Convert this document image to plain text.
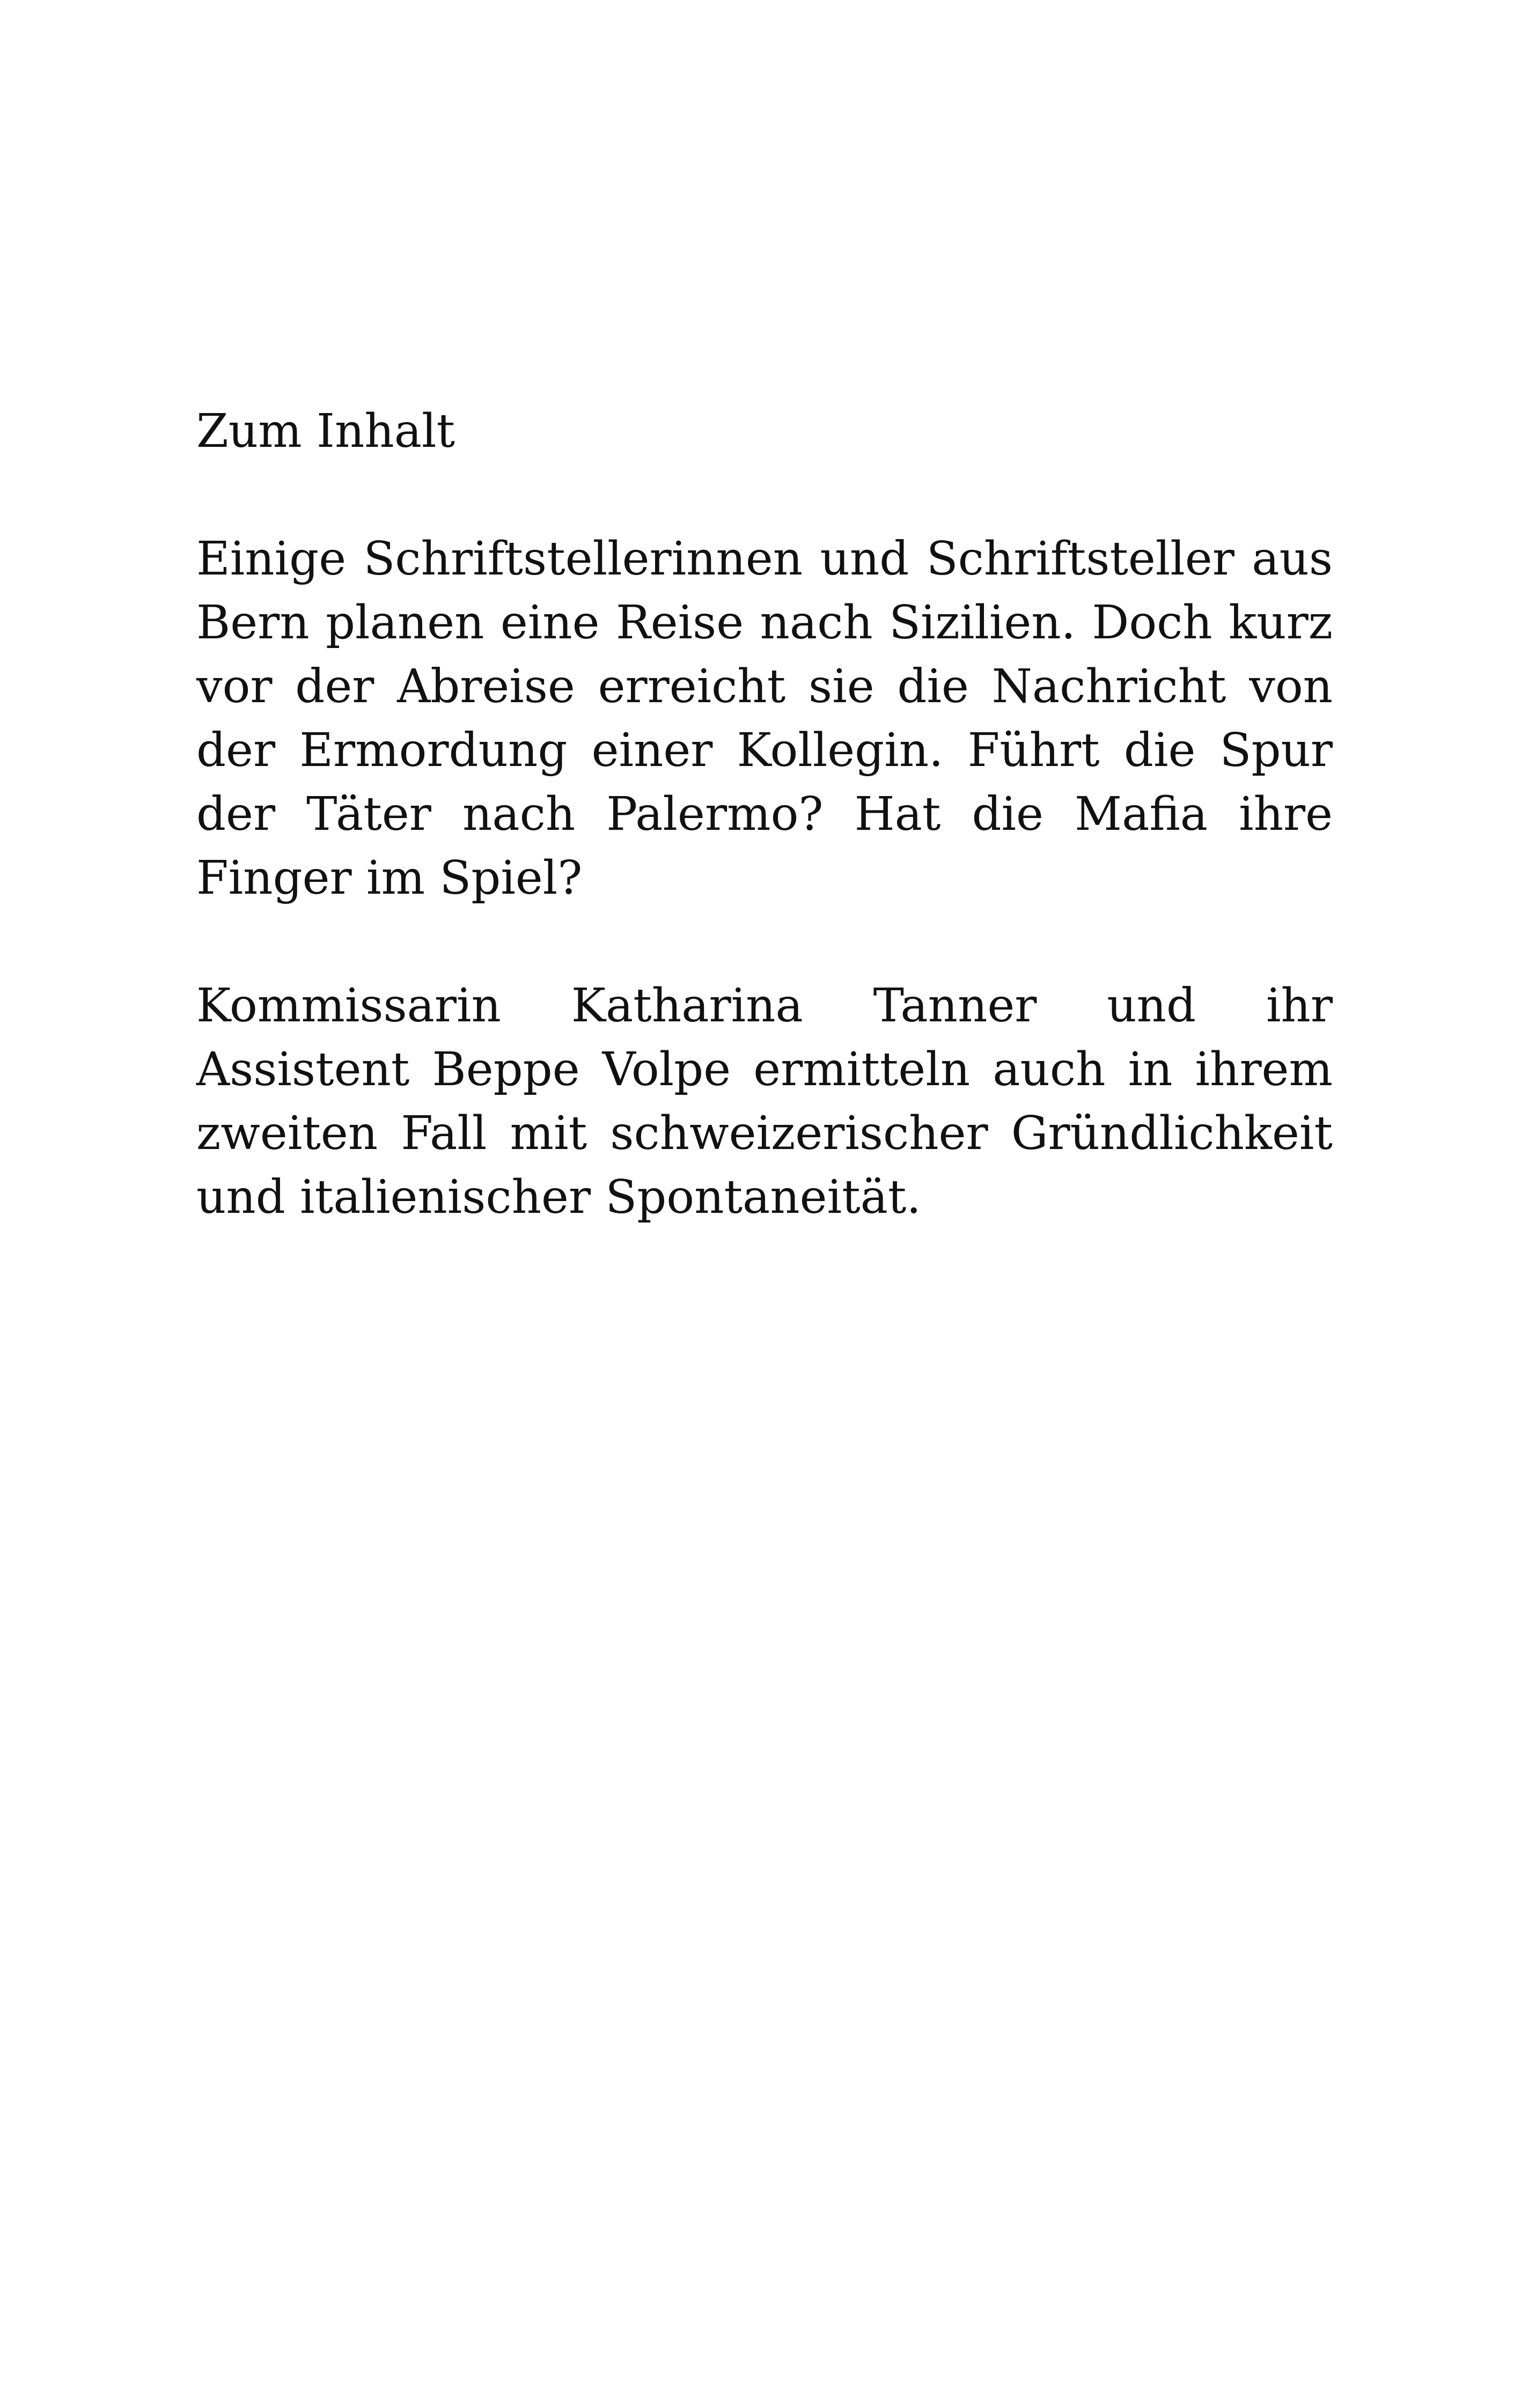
Zum Inhalt

Einige Schriftstellerinnen und Schriftsteller aus Bern planen eine Reise nach Sizilien. Doch kurz vor der Abreise erreicht sie die Nachricht von der Ermordung einer Kollegin. Führt die Spur der Täter nach Palermo? Hat die Mafia ihre Finger im Spiel?

Kommissarin Katharina Tanner und ihr Assistent Beppe Volpe ermitteln auch in ihrem zweiten Fall mit schweizerischer Gründlichkeit und italienischer Spontaneität.
